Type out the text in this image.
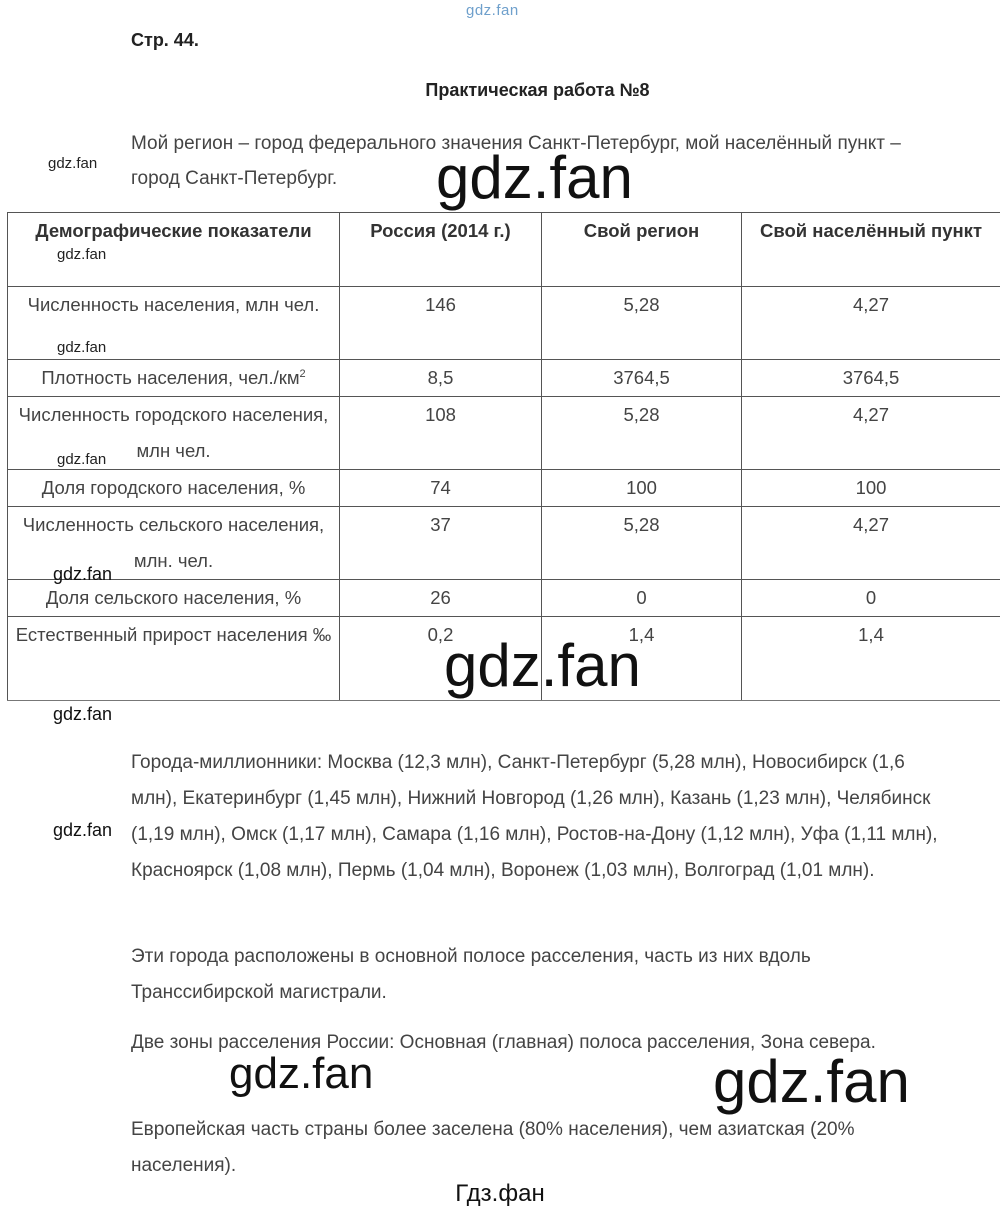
gdz.fan
Стр. 44.
Практическая работа №8

Мой регион – город федерального значения Санкт-Петербург, мой населённый пункт – город Санкт-Петербург.

Демографические показатели	Россия (2014 г.)	Свой регион	Свой населённый пункт
Численность населения, млн чел.	146	5,28	4,27
Плотность населения, $чел./км^2$	8,5	3764,5	3764,5
Численность городского населения, млн чел.	108	5,28	4,27
Доля городского населения, %	74	100	100
Численность сельского населения, млн. чел.	37	5,28	4,27
Доля сельского населения, %	26	0	0
Естественный прирост населения ‰	0,2	1,4	1,4

Города-миллионники: Москва (12,3 млн), Санкт-Петербург (5,28 млн), Новосибирск (1,6 млн), Екатеринбург (1,45 млн), Нижний Новгород (1,26 млн), Казань (1,23 млн), Челябинск (1,19 млн), Омск (1,17 млн), Самара (1,16 млн), Ростов-на-Дону (1,12 млн), Уфа (1,11 млн), Красноярск (1,08 млн), Пермь (1,04 млн), Воронеж (1,03 млн), Волгоград (1,01 млн).

Эти города расположены в основной полосе расселения, часть из них вдоль Транссибирской магистрали.

Две зоны расселения России: Основная (главная) полоса расселения, Зона севера.

Европейская часть страны более заселена (80% населения), чем азиатская (20% населения).

gdz.fan
gdz.fan
gdz.fan
gdz.fan
gdz.fan
gdz.fan
gdz.fan
gdz.fan
gdz.fan
gdz.fan	gdz.fan
Гдз.фан
